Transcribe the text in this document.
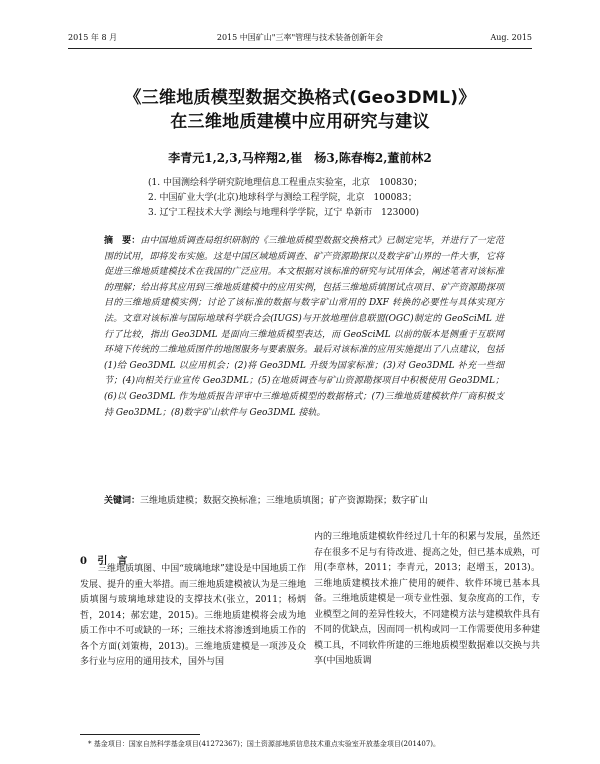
2015 年 8 月	2015 中国矿山"三率"管理与技术装备创新年会	Aug. 2015
《三维地质模型数据交换格式(Geo3DML)》
在三维地质建模中应用研究与建议
李青元1,2,3,马梓翔2,崔　杨3,陈春梅2,董前林2
(1. 中国测绘科学研究院地理信息工程重点实验室，北京　100830；
2. 中国矿业大学(北京)地球科学与测绘工程学院，北京　100083；
3. 辽宁工程技术大学 测绘与地理科学学院，辽宁 阜新市　123000)
摘　要：由中国地质调查局组织研制的《三维地质模型数据交换格式》已制定完毕，并进行了一定范围的试用，即将发布实施。这是中国区域地质调查、矿产资源勘探以及数字矿山界的一件大事，它将促进三维地质建模技术在我国的广泛应用。本文根据对该标准的研究与试用体会，阐述笔者对该标准的理解；给出将其应用到三维地质建模中的应用实例，包括三维地质填图试点项目、矿产资源勘探项目的三维地质建模实例；讨论了该标准的数据与数字矿山常用的 DXF 转换的必要性与具体实现方法。文章对该标准与国际地球科学联合会(IUGS)与开放地理信息联盟(OGC)制定的 GeoSciML 进行了比较，指出 Geo3DML 是面向三维地质模型表达，而 GeoSciML 以前的版本是侧重于互联网环境下传统的二维地质图件的地图服务与要素服务。最后对该标准的应用实施提出了八点建议，包括(1)给 Geo3DML 以应用机会；(2)将 Geo3DML 升级为国家标准；(3)对 Geo3DML 补充一些细节；(4)向相关行业宣传 Geo3DML；(5)在地质调查与矿山资源勘探项目中积极使用 Geo3DML；(6)以 Geo3DML 作为地质报告评审中三维地质模型的数据格式；(7)三维地质建模软件厂商积极支持 Geo3DML；(8)数字矿山软件与 Geo3DML 接轨。
关键词：三维地质建模；数据交换标准；三维地质填图；矿产资源勘探；数字矿山
0 引　言

三维地质填图、中国“玻璃地球”建设是中国地质工作发展、提升的重大举措。而三维地质建模被认为是三维地质填图与玻璃地球建设的支撑技术(张立，2011；杨炳哲，2014；郝宏建，2015)。三维地质建模将会成为地质工作中不可或缺的一环；三维技术将渗透到地质工作的各个方面(刘策梅，2013)。三维地质建模是一项涉及众多行业与应用的通用技术，国外与国

内的三维地质建模软件经过几十年的积累与发展，虽然还存在很多不足与有待改进、提高之处，但已基本成熟，可用(李章林，2011；李青元，2013；赵增玉，2013)。三维地质建模技术推广使用的硬件、软件环境已基本具备。三维地质建模是一项专业性强、复杂度高的工作，专业模型之间的差异性较大，不同建模方法与建模软件具有不同的优缺点，因而同一机构或同一工作需要使用多种建模工具，不同软件所建的三维地质模型数据难以交换与共享(中国地质调

* 基金项目：国家自然科学基金项目(41272367)；国土资源部地质信息技术重点实验室开放基金项目(201407)。
